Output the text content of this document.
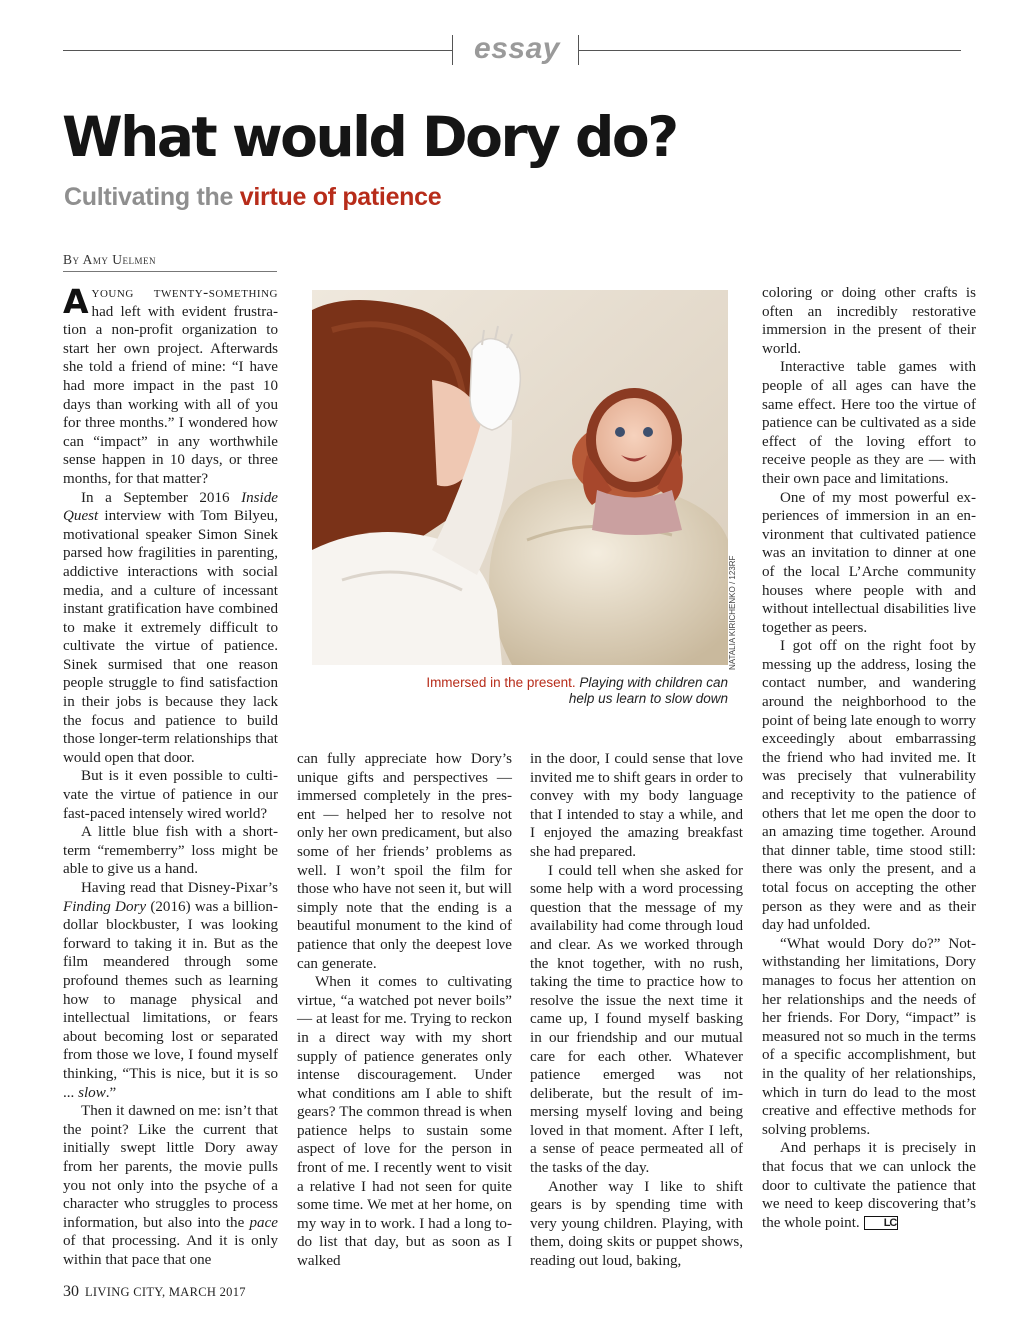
essay
What would Dory do?
Cultivating the virtue of patience
By Amy Uelmen
NATALIA KIRICHENKO / 123RF
Immersed in the present. Playing with children can help us learn to slow down

Ayoung twenty-something had left with evident frustration a non-profit organization to start her own project. Afterwards she told a friend of mine: “I have had more impact in the past 10 days than working with all of you for three months.” I wondered how can “impact” in any worthwhile sense happen in 10 days, or three months, for that matter?

In a September 2016 Inside Quest interview with Tom Bilyeu, motivational speaker Simon Sinek parsed how fragilities in parenting, addictive interactions with social media, and a culture of incessant instant gratification have combined to make it extremely difficult to cultivate the virtue of patience. Sinek surmised that one reason people struggle to find satisfaction in their jobs is because they lack the focus and patience to build those longer-term relationships that would open that door.

But is it even possible to cultivate the virtue of patience in our fast-paced intensely wired world?

A little blue fish with a short-term “rememberry” loss might be able to give us a hand.

Having read that Disney-Pixar’s Finding Dory (2016) was a billion-dollar blockbuster, I was looking forward to taking it in. But as the film meandered through some profound themes such as learning how to manage physical and intellectual limitations, or fears about becoming lost or separated from those we love, I found myself thinking, “This is nice, but it is so ... slow.”

Then it dawned on me: isn’t that the point? Like the current that initially swept little Dory away from her parents, the movie pulls you not only into the psyche of a character who struggles to process information, but also into the pace of that processing. And it is only within that pace that one

can fully appreciate how Dory’s unique gifts and perspectives — immersed completely in the present — helped her to resolve not only her own predicament, but also some of her friends’ problems as well. I won’t spoil the film for those who have not seen it, but will simply note that the ending is a beautiful monument to the kind of patience that only the deepest love can generate.

When it comes to cultivating virtue, “a watched pot never boils” — at least for me. Trying to reckon in a direct way with my short supply of patience generates only intense discouragement. Under what conditions am I able to shift gears? The common thread is when patience helps to sustain some aspect of love for the person in front of me. I recently went to visit a relative I had not seen for quite some time. We met at her home, on my way in to work. I had a long to-do list that day, but as soon as I walked

in the door, I could sense that love invited me to shift gears in order to convey with my body language that I intended to stay a while, and I enjoyed the amazing breakfast she had prepared.

I could tell when she asked for some help with a word processing question that the message of my availability had come through loud and clear. As we worked through the knot together, with no rush, taking the time to practice how to resolve the issue the next time it came up, I found myself basking in our friendship and our mutual care for each other. Whatever patience emerged was not deliberate, but the result of immersing myself loving and being loved in that moment. After I left, a sense of peace permeated all of the tasks of the day.

Another way I like to shift gears is by spending time with very young children. Playing, with them, doing skits or puppet shows, reading out loud, baking,

coloring or doing other crafts is often an incredibly restorative immersion in the present of their world.

Interactive table games with people of all ages can have the same effect. Here too the virtue of patience can be cultivated as a side effect of the loving effort to receive people as they are — with their own pace and limitations.

One of my most powerful experiences of immersion in an environment that cultivated patience was an invitation to dinner at one of the local L’Arche community houses where people with and without intellectual disabilities live together as peers.

I got off on the right foot by messing up the address, losing the contact number, and wandering around the neighborhood to the point of being late enough to worry exceedingly about embarrassing the friend who had invited me. It was precisely that vulnerability and receptivity to the patience of others that let me open the door to an amazing time together. Around that dinner table, time stood still: there was only the present, and a total focus on accepting the other person as they were and as their day had unfolded.

“What would Dory do?” Notwithstanding her limitations, Dory manages to focus her attention on her relationships and the needs of her friends. For Dory, “impact” is measured not so much in the terms of a specific accomplishment, but in the quality of her relationships, which in turn do lead to the most creative and effective methods for solving problems.

And perhaps it is precisely in that focus that we can unlock the door to cultivate the patience that we need to keep discovering that’s the whole point. LC

30 LIVING CITY, MARCH 2017
